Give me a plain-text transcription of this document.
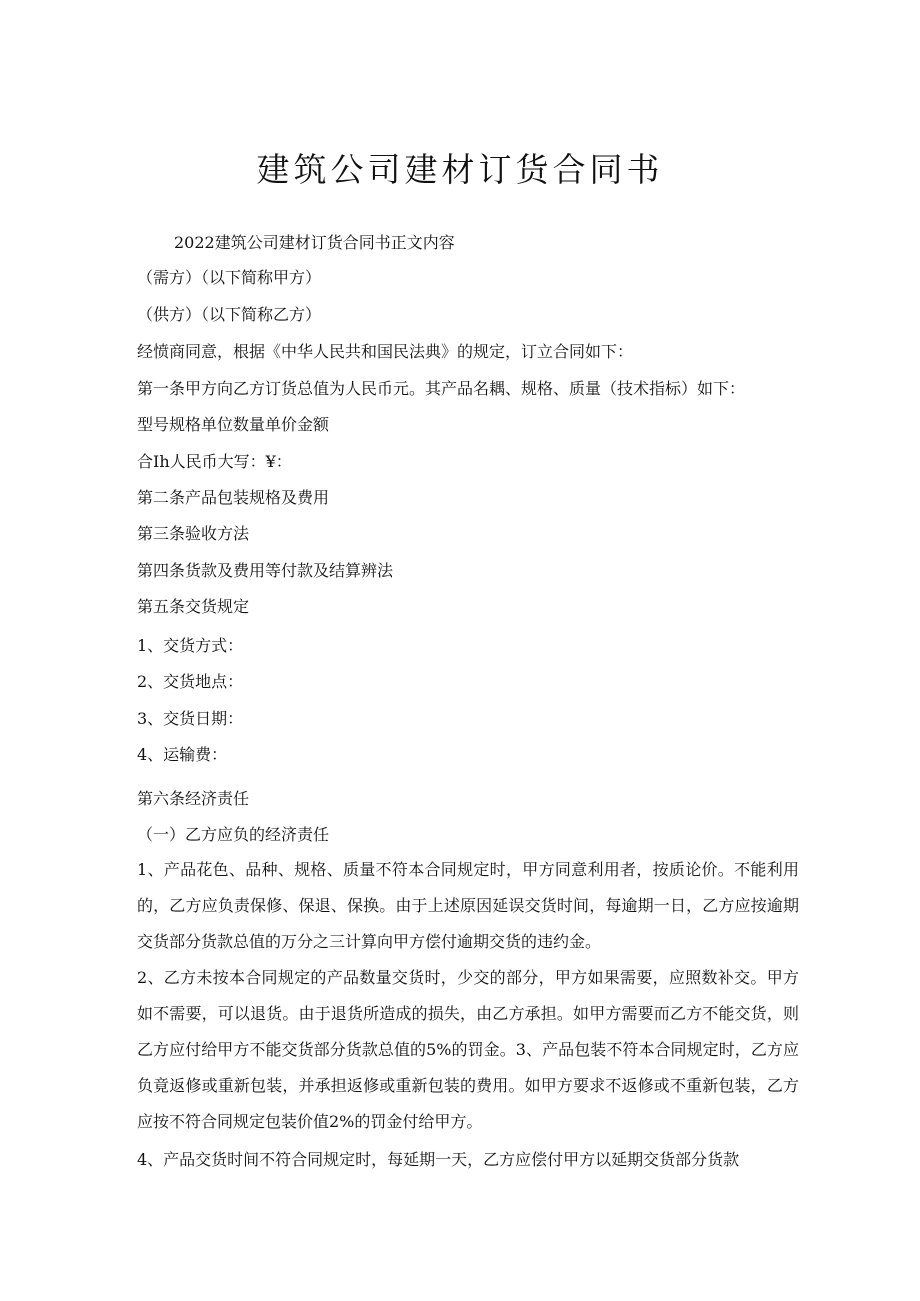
建筑公司建材订货合同书
2022建筑公司建材订货合同书正文内容
（需方）（以下简称甲方）
（供方）（以下简称乙方）
经愤商同意，根据《中华人民共和国民法典》的规定，订立合同如下：
第一条甲方向乙方订货总值为人民币元。其产品名耦、规格、质量（技术指标）如下：
型号规格单位数量单价金额
合Ih人民币大写：¥：
第二条产品包装规格及费用
第三条验收方法
第四条货款及费用等付款及结算辨法
第五条交货规定
1、交货方式：
2、交货地点：
3、交货日期：
4、运输费：
第六条经济责任
（一）乙方应负的经济责任

1、产品花色、品种、规格、质量不符本合同规定时，甲方同意利用者，按质论价。不能利用的，乙方应负责保修、保退、保换。由于上述原因延误交货时间，每逾期一日，乙方应按逾期交货部分货款总值的万分之三计算向甲方偿付逾期交货的违约金。

2、乙方未按本合同规定的产品数量交货时，少交的部分，甲方如果需要，应照数补交。甲方如不需要，可以退货。由于退货所造成的损失，由乙方承担。如甲方需要而乙方不能交货，则乙方应付给甲方不能交货部分货款总值的5%的罚金。3、产品包装不符本合同规定时，乙方应负竟返修或重新包装，并承担返修或重新包装的费用。如甲方要求不返修或不重新包装，乙方应按不符合同规定包装价值2%的罚金付给甲方。

4、产品交货时间不符合同规定时，每延期一天，乙方应偿付甲方以延期交货部分货款
